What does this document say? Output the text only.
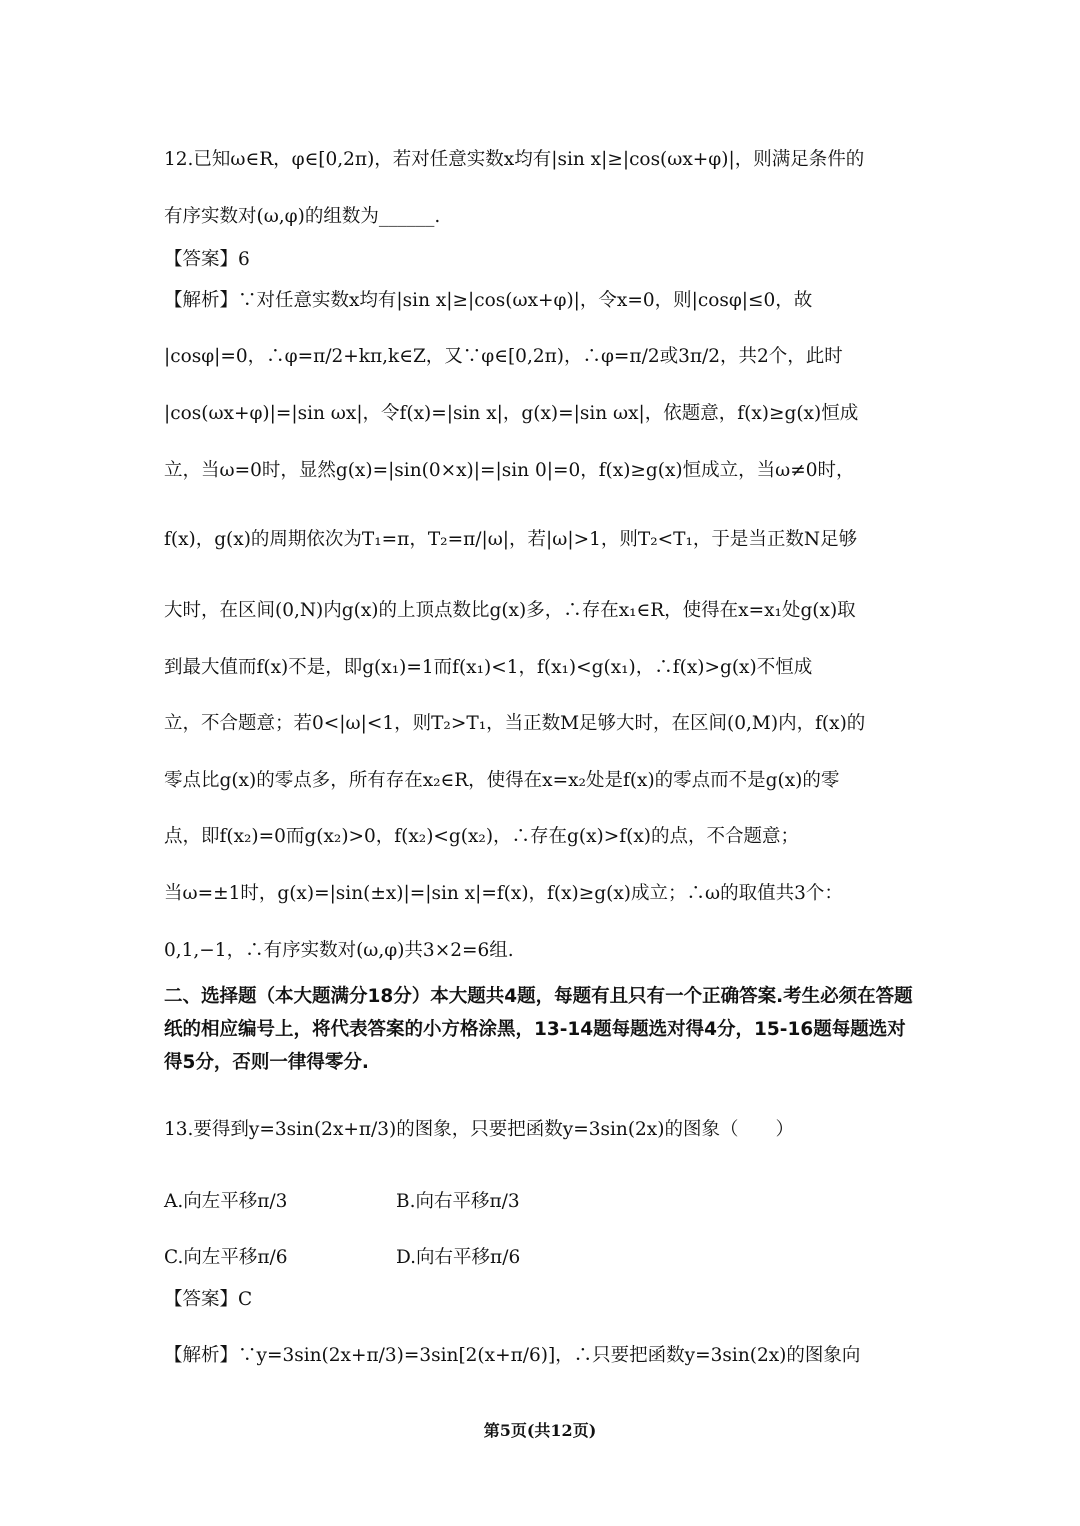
12.已知ω∈R，φ∈[0,2π)，若对任意实数x均有|sin x|≥|cos(ωx+φ)|，则满足条件的
有序实数对(ω,φ)的组数为______.
【答案】6
【解析】∵对任意实数x均有|sin x|≥|cos(ωx+φ)|，令x=0，则|cosφ|≤0，故
|cosφ|=0，∴φ=π/2+kπ,k∈Z，又∵φ∈[0,2π)，∴φ=π/2或3π/2，共2个，此时
|cos(ωx+φ)|=|sin ωx|，令f(x)=|sin x|，g(x)=|sin ωx|，依题意，f(x)≥g(x)恒成
立，当ω=0时，显然g(x)=|sin(0×x)|=|sin 0|=0，f(x)≥g(x)恒成立，当ω≠0时，
f(x)，g(x)的周期依次为T₁=π，T₂=π/|ω|，若|ω|>1，则T₂<T₁，于是当正数N足够
大时，在区间(0,N)内g(x)的上顶点数比g(x)多，∴存在x₁∈R，使得在x=x₁处g(x)取
到最大值而f(x)不是，即g(x₁)=1而f(x₁)<1，f(x₁)<g(x₁)，∴f(x)>g(x)不恒成
立，不合题意；若0<|ω|<1，则T₂>T₁，当正数M足够大时，在区间(0,M)内，f(x)的
零点比g(x)的零点多，所有存在x₂∈R，使得在x=x₂处是f(x)的零点而不是g(x)的零
点，即f(x₂)=0而g(x₂)>0，f(x₂)<g(x₂)，∴存在g(x)>f(x)的点，不合题意；
当ω=±1时，g(x)=|sin(±x)|=|sin x|=f(x)，f(x)≥g(x)成立；∴ω的取值共3个：
0,1,−1，∴有序实数对(ω,φ)共3×2=6组.
二、选择题（本大题满分18分）本大题共4题，每题有且只有一个正确答案.考生必须在答题纸的相应编号上，将代表答案的小方格涂黑，13-14题每题选对得4分，15-16题每题选对得5分，否则一律得零分.
13.要得到y=3sin(2x+π/3)的图象，只要把函数y=3sin(2x)的图象（　　）
A.向左平移π/3	B.向右平移π/3
C.向左平移π/6	D.向右平移π/6
【答案】C
【解析】∵y=3sin(2x+π/3)=3sin[2(x+π/6)]，∴只要把函数y=3sin(2x)的图象向
第5页(共12页)
